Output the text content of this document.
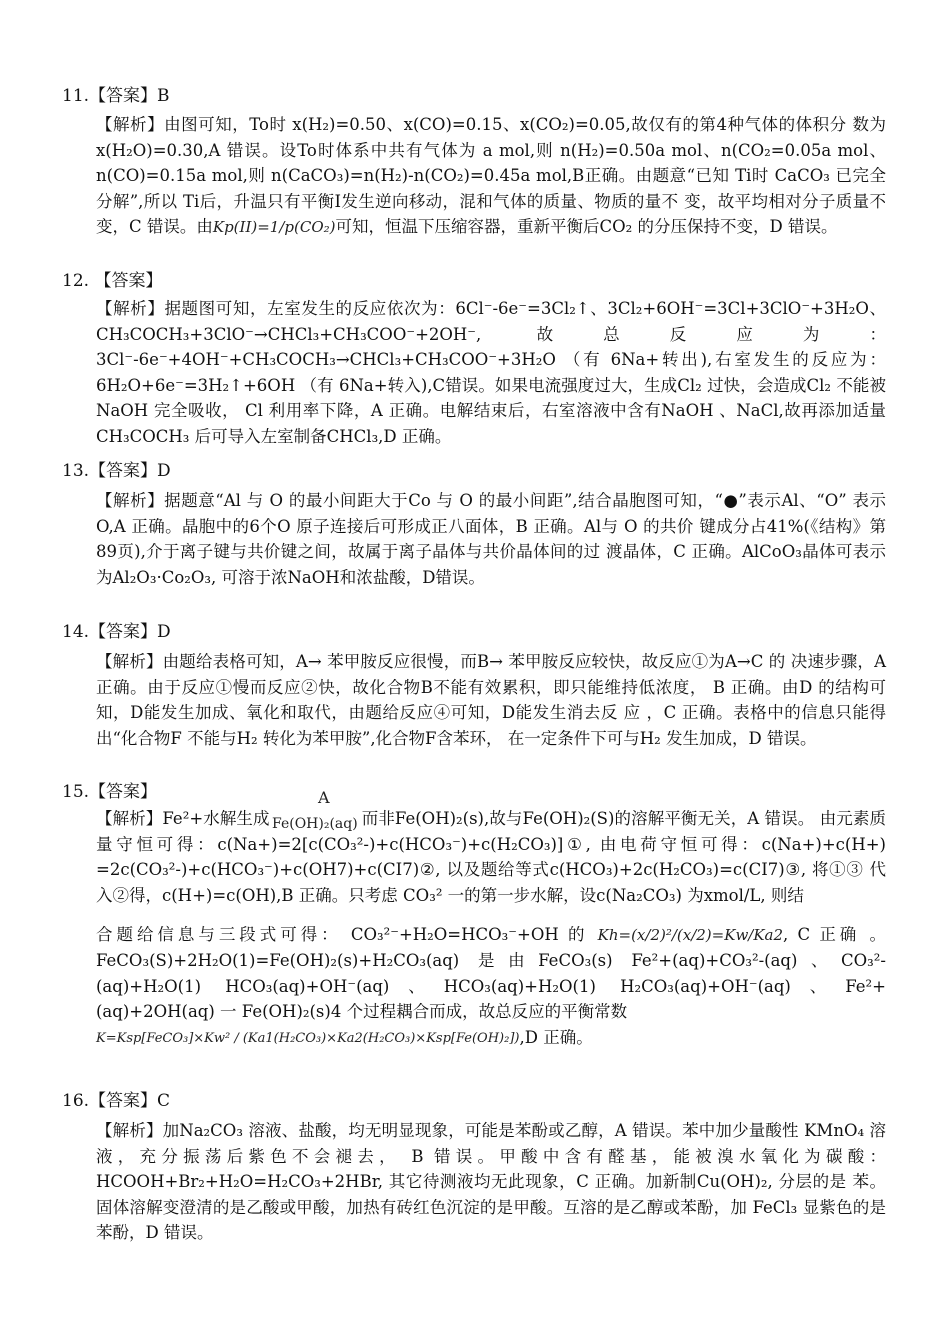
11.【答案】B

【解析】由图可知，To时 x(H₂)=0.50、x(CO)=0.15、x(CO₂)=0.05,故仅有的第4种气体的体积分 数为x(H₂O)=0.30,A 错误。设To时体系中共有气体为 a mol,则 n(H₂)=0.50a mol、n(CO₂=0.05a mol、n(CO)=0.15a mol,则 n(CaCO₃)=n(H₂)-n(CO₂)=0.45a mol,B正确。由题意“已知 Ti时 CaCO₃ 已完全分解”,所以 Ti后，升温只有平衡Ⅰ发生逆向移动，混和气体的质量、物质的量不 变，故平均相对分子质量不变，C 错误。由Kp(II)=1/p(CO₂)可知，恒温下压缩容器，重新平衡后CO₂ 的分压保持不变，D 错误。

12. 【答案】

【解析】据题图可知，左室发生的反应依次为：6Cl⁻-6e⁻=3Cl₂↑、3Cl₂+6OH⁻=3Cl+3ClO⁻+3H₂O、CH₃COCH₃+3ClO⁻→CHCl₃+CH₃COO⁻+2OH⁻, 故总反应为：3Cl⁻-6e⁻+4OH⁻+CH₃COCH₃→CHCl₃+CH₃COO⁻+3H₂O （有 6Na+转出),右室发生的反应为：6H₂O+6e⁻=3H₂↑+6OH （有 6Na+转入),C错误。如果电流强度过大，生成Cl₂ 过快，会造成Cl₂ 不能被NaOH 完全吸收， Cl 利用率下降，A 正确。电解结束后，右室溶液中含有NaOH 、NaCl,故再添加适量CH₃COCH₃ 后可导入左室制备CHCl₃,D 正确。

13.【答案】D

【解析】据题意“Al 与 O 的最小间距大于Co 与 O 的最小间距”,结合晶胞图可知，“●”表示Al、“O” 表示O,A 正确。晶胞中的6个O 原子连接后可形成正八面体，B 正确。Al与 O 的共价 键成分占41%(《结构》第89页),介于离子键与共价键之间，故属于离子晶体与共价晶体间的过 渡晶体，C 正确。AlCoO₃晶体可表示为Al₂O₃·Co₂O₃, 可溶于浓NaOH和浓盐酸，D错误。

14.【答案】D

【解析】由题给表格可知，A→ 苯甲胺反应很慢，而B→ 苯甲胺反应较快，故反应①为A→C 的 决速步骤，A 正确。由于反应①慢而反应②快，故化合物B不能有效累积，即只能维持低浓度， B 正确。由D 的结构可知，D能发生加成、氧化和取代，由题给反应④可知，D能发生消去反 应 ，C 正确。表格中的信息只能得出“化合物F 不能与H₂ 转化为苯甲胺”,化合物F含苯环， 在一定条件下可与H₂ 发生加成，D 错误。

15.【答案】	A
Fe(OH)₂(aq)

【解析】Fe²+水解生成	而非Fe(OH)₂(s),故与Fe(OH)₂(S)的溶解平衡无关，A 错误。 由元素质量守恒可得：c(Na+)=2[c(CO₃²-)+c(HCO₃⁻)+c(H₂CO₃)]①, 由电荷守恒可得：c(Na+)+c(H+) =2c(CO₃²-)+c(HCO₃⁻)+c(OH7)+c(CI7)②, 以及题给等式c(HCO₃)+2c(H₂CO₃)=c(CI7)③, 将①③ 代入②得，c(H+)=c(OH),B 正确。只考虑 CO₃² 一的第一步水解，设c(Na₂CO₃) 为xmol/L, 则结

合题给信息与三段式可得： CO₃²⁻+H₂O=HCO₃⁻+OH 的 Kh=(x/2)²/(x/2)=Kw/Ka2, C 正确 。FeCO₃(S)+2H₂O(1)=Fe(OH)₂(s)+H₂CO₃(aq) 是由FeCO₃(s) Fe²+(aq)+CO₃²-(aq)、CO₃²-(aq)+H₂O(1) HCO₃(aq)+OH⁻(aq)、HCO₃(aq)+H₂O(1) H₂CO₃(aq)+OH⁻(aq)、Fe²+(aq)+2OH(aq) 一 Fe(OH)₂(s)4 个过程耦合而成，故总反应的平衡常数

K=Ksp[FeCO₃]×Kw² / (Ka1(H₂CO₃)×Ka2(H₂CO₃)×Ksp[Fe(OH)₂]),D 正确。

16.【答案】C

【解析】加Na₂CO₃ 溶液、盐酸，均无明显现象，可能是苯酚或乙醇，A 错误。苯中加少量酸性 KMnO₄ 溶液，充分振荡后紫色不会褪去， B 错误。甲酸中含有醛基，能被溴水氧化为碳酸： HCOOH+Br₂+H₂O=H₂CO₃+2HBr, 其它待测液均无此现象，C 正确。加新制Cu(OH)₂, 分层的是 苯。固体溶解变澄清的是乙酸或甲酸，加热有砖红色沉淀的是甲酸。互溶的是乙醇或苯酚，加 FeCl₃ 显紫色的是苯酚，D 错误。
